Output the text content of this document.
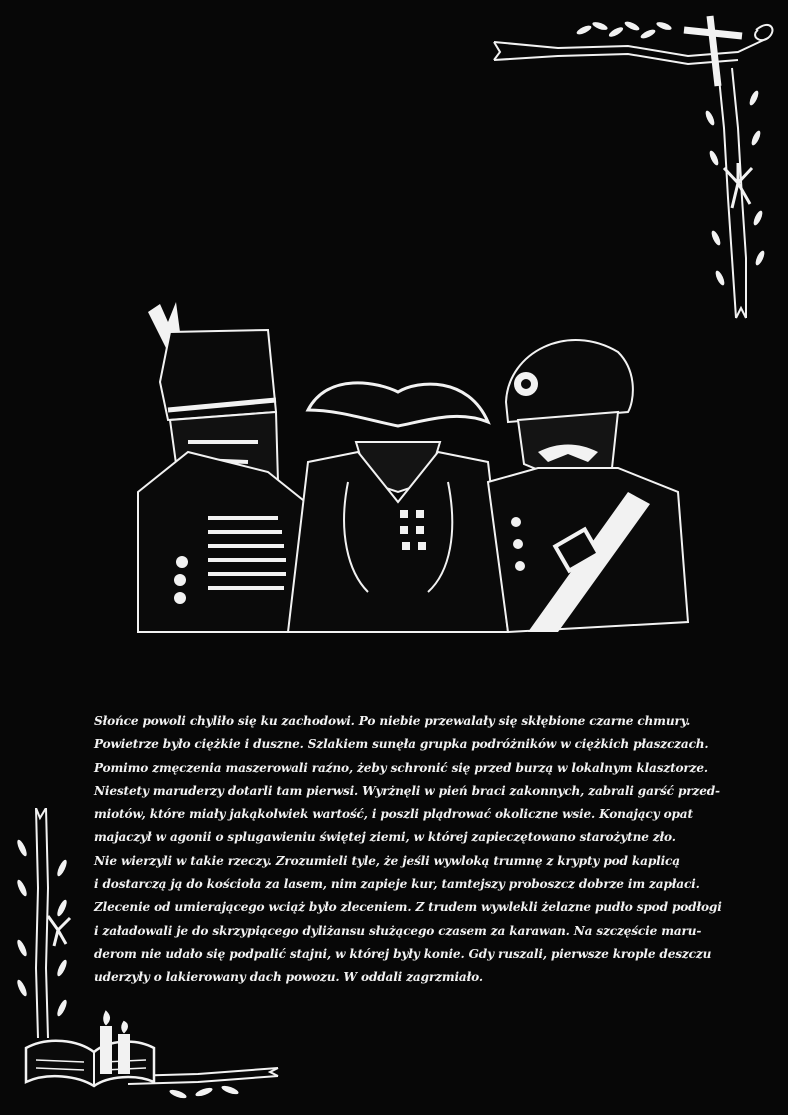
Słońce powoli chyliło się ku zachodowi. Po niebie przewalały się skłębione czarne chmury.
Powietrze było ciężkie i duszne. Szlakiem sunęła grupka podróżników w ciężkich płaszczach.
Pomimo zmęczenia maszerowali raźno, żeby schronić się przed burzą w lokalnym klasztorze.
Niestety maruderzy dotarli tam pierwsi. Wyrżnęli w pień braci zakonnych, zabrali garść przed-
miotów, które miały jakąkolwiek wartość, i poszli plądrować okoliczne wsie. Konający opat
majaczył w agonii o splugawieniu świętej ziemi, w której zapieczętowano starożytne zło.
Nie wierzyli w takie rzeczy. Zrozumieli tyle, że jeśli wywloką trumnę z krypty pod kaplicą
i dostarczą ją do kościoła za lasem, nim zapieje kur, tamtejszy proboszcz dobrze im zapłaci.
Zlecenie od umierającego wciąż było zleceniem. Z trudem wywlekli żelazne pudło spod podłogi
i załadowali je do skrzypiącego dyliżansu służącego czasem za karawan. Na szczęście maru-
derom nie udało się podpalić stajni, w której były konie. Gdy ruszali, pierwsze krople deszczu
uderzyły o lakierowany dach powozu. W oddali zagrzmiało.
